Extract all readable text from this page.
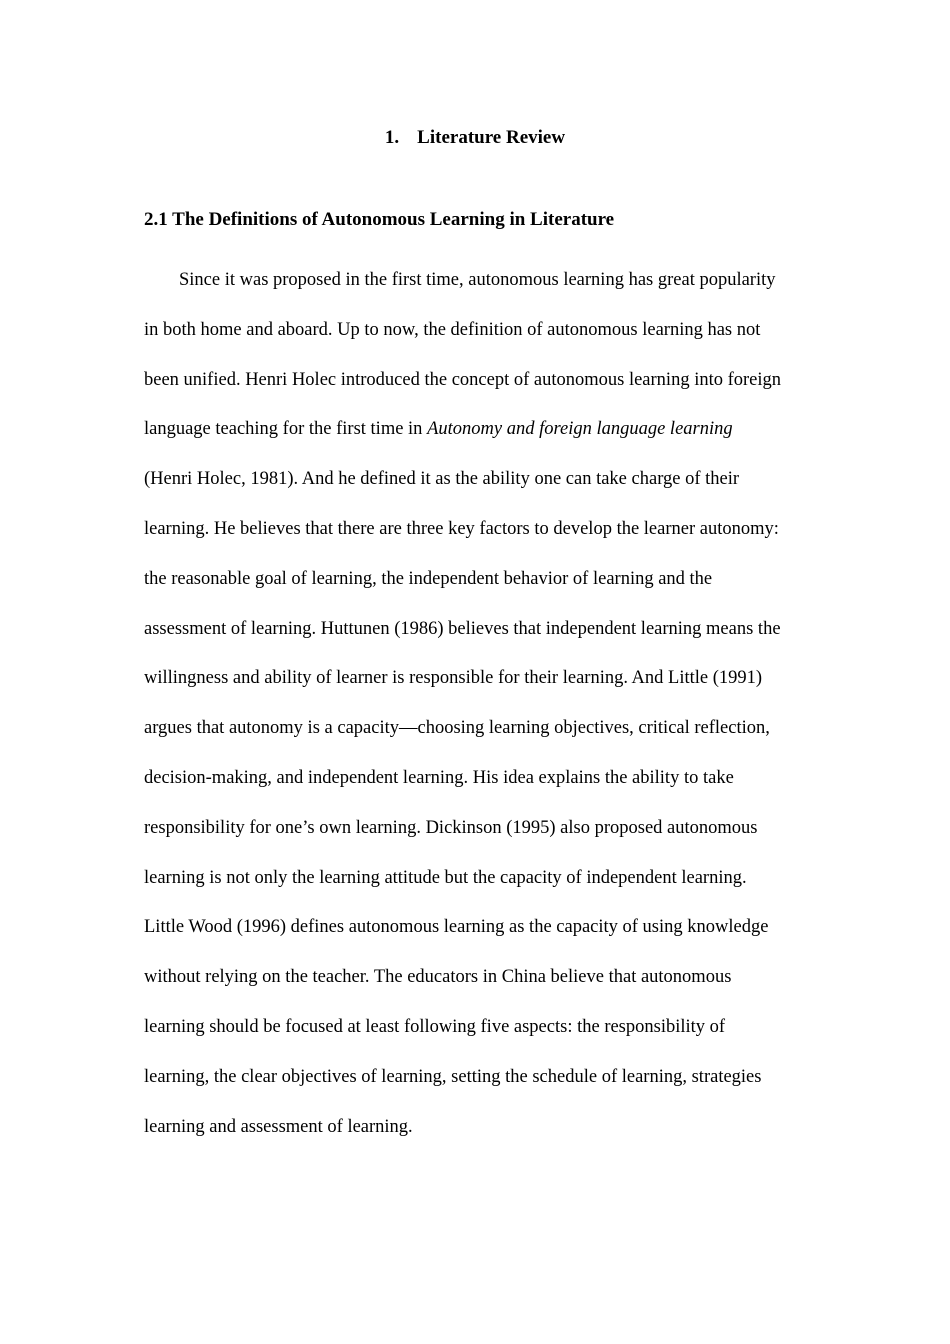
1. Literature Review
2.1 The Definitions of Autonomous Learning in Literature
Since it was proposed in the first time, autonomous learning has great popularity
in both home and aboard. Up to now, the definition of autonomous learning has not
been unified. Henri Holec introduced the concept of autonomous learning into foreign
language teaching for the first time in Autonomy and foreign language learning
(Henri Holec, 1981). And he defined it as the ability one can take charge of their
learning. He believes that there are three key factors to develop the learner autonomy:
the reasonable goal of learning, the independent behavior of learning and the
assessment of learning. Huttunen (1986) believes that independent learning means the
willingness and ability of learner is responsible for their learning. And Little (1991)
argues that autonomy is a capacity—choosing learning objectives, critical reflection,
decision-making, and independent learning. His idea explains the ability to take
responsibility for one’s own learning. Dickinson (1995) also proposed autonomous
learning is not only the learning attitude but the capacity of independent learning.
Little Wood (1996) defines autonomous learning as the capacity of using knowledge
without relying on the teacher. The educators in China believe that autonomous
learning should be focused at least following five aspects: the responsibility of
learning, the clear objectives of learning, setting the schedule of learning, strategies
learning and assessment of learning.
